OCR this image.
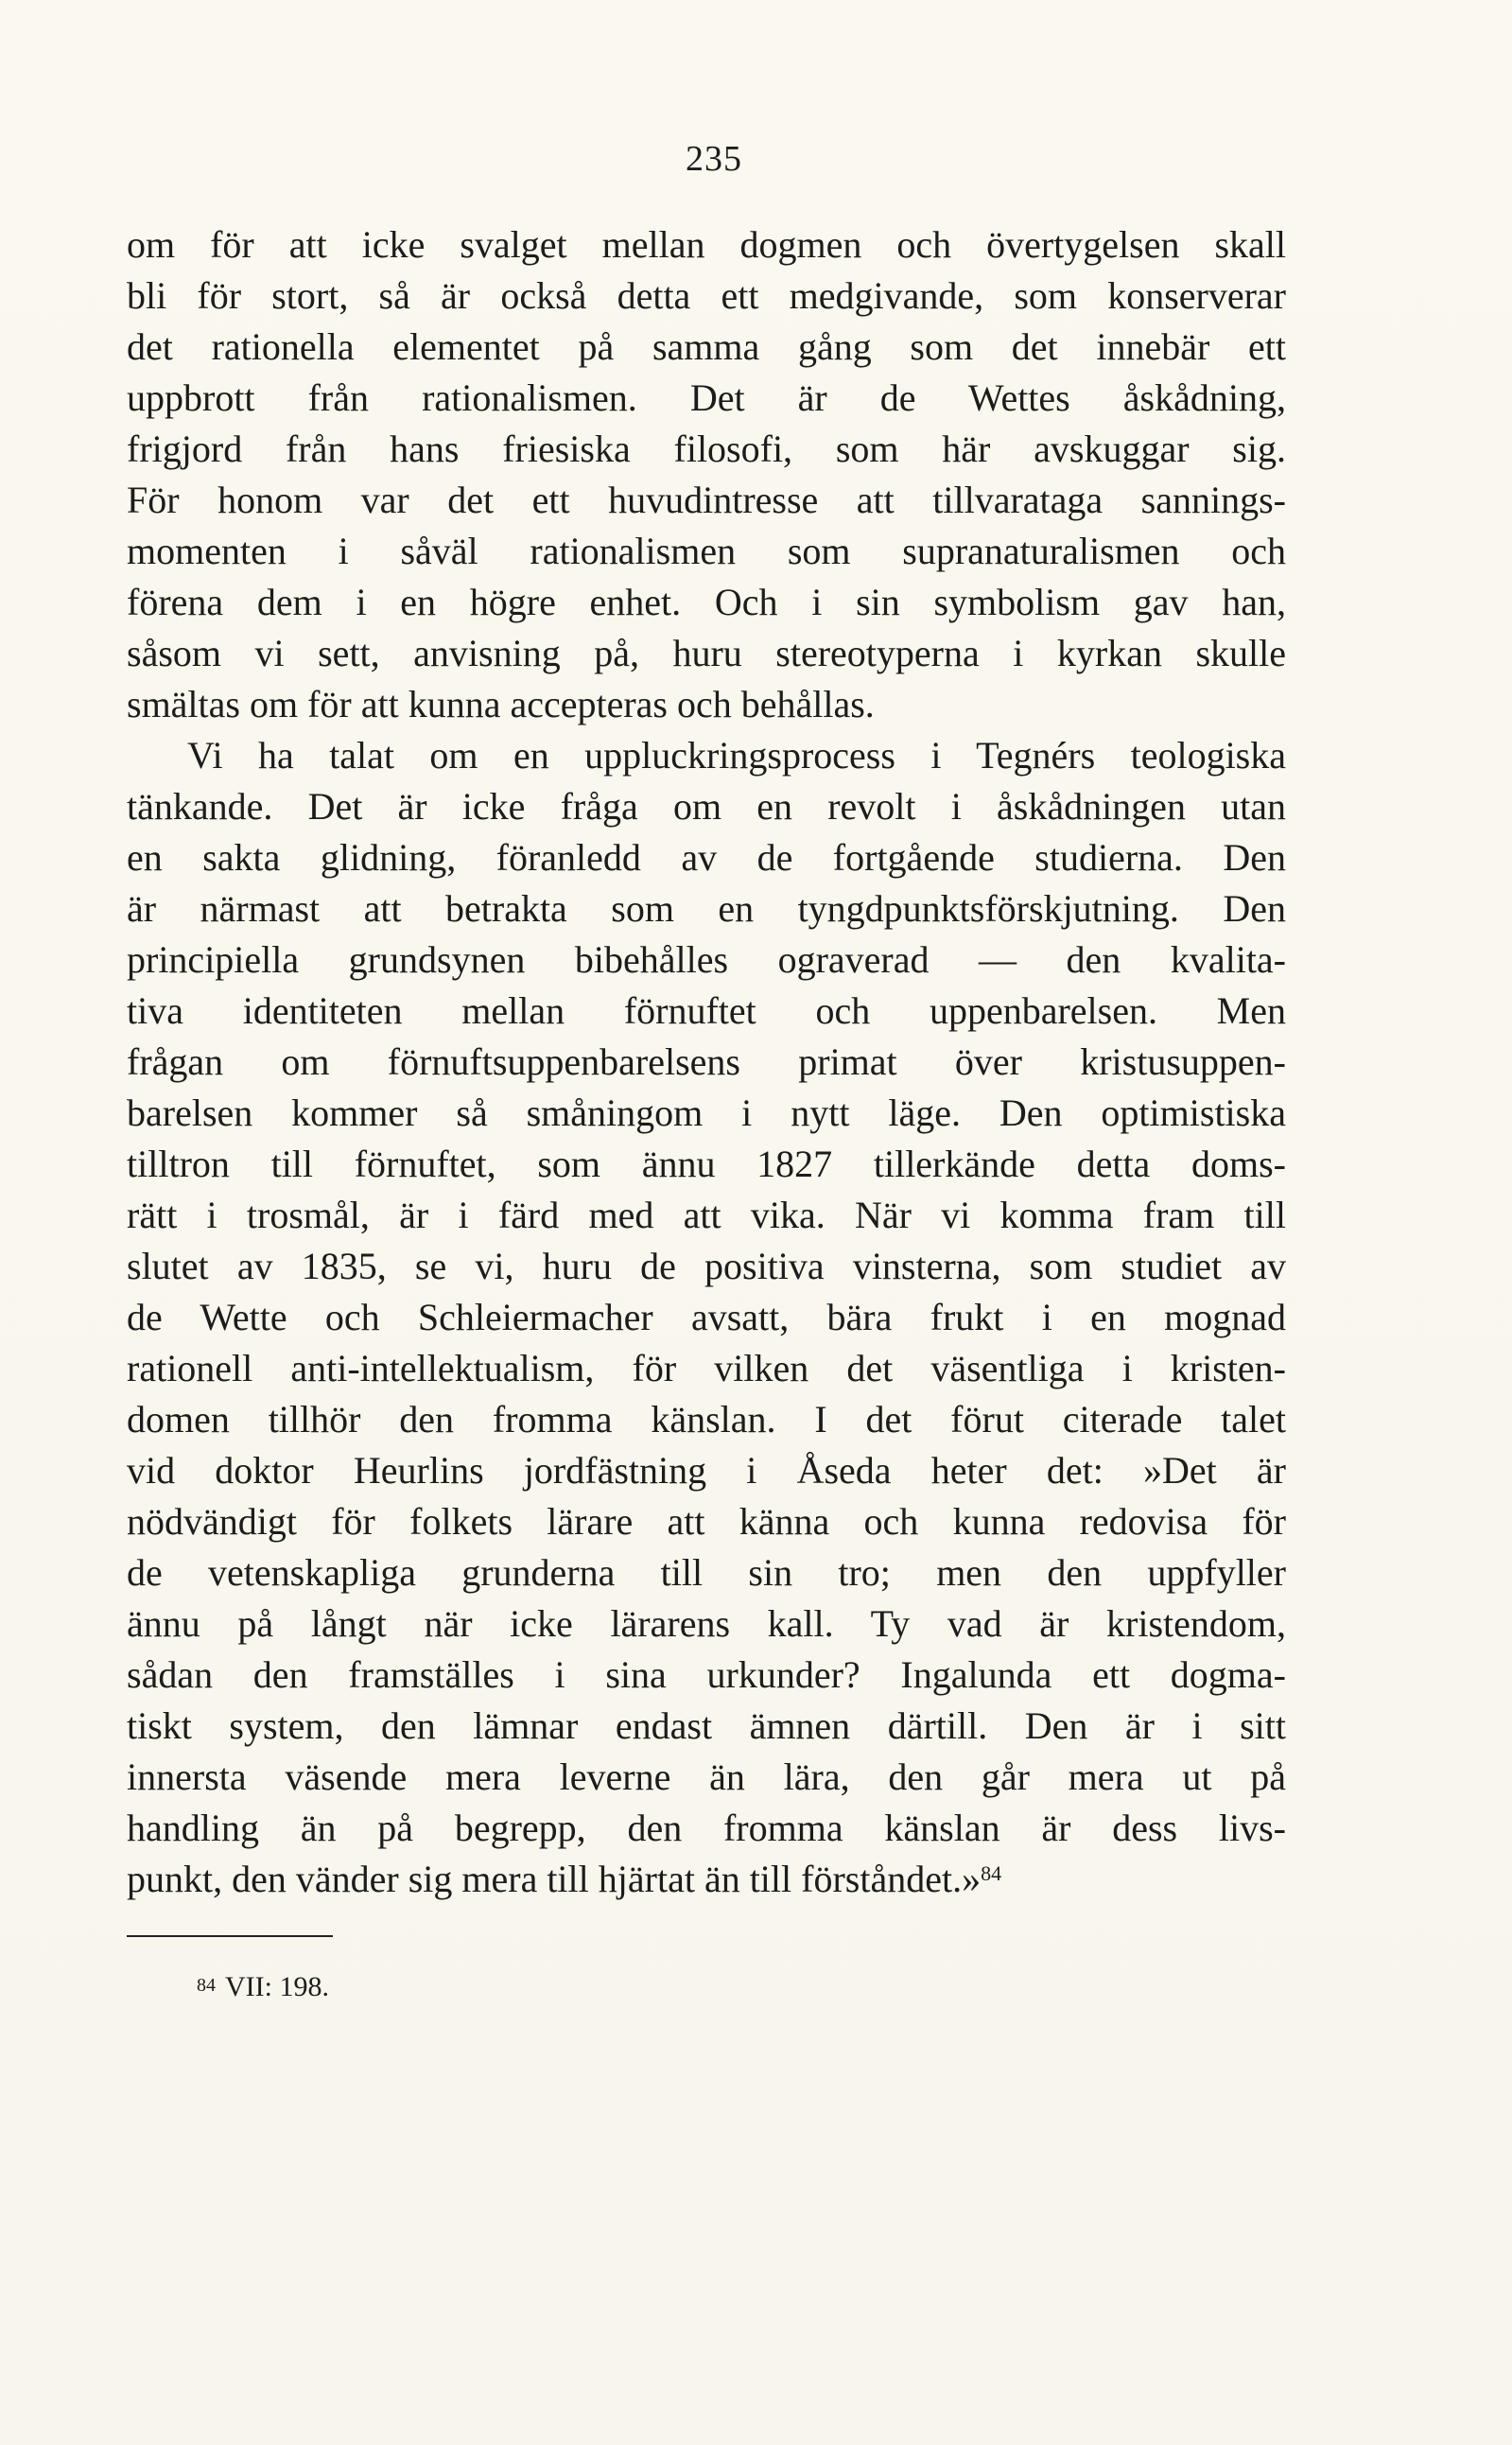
235
om för att icke svalget mellan dogmen och övertygelsen skall
bli för stort, så är också detta ett medgivande, som konserverar
det rationella elementet på samma gång som det innebär ett
uppbrott från rationalismen. Det är de Wettes åskådning,
frigjord från hans friesiska filosofi, som här avskuggar sig.
För honom var det ett huvudintresse att tillvaratаga sannings-
momenten i såväl rationalismen som supranaturalismen och
förena dem i en högre enhet. Och i sin symbolism gav han,
såsom vi sett, anvisning på, huru stereotyperna i kyrkan skulle
smältas om för att kunna accepteras och behållas.
Vi ha talat om en uppluckringsprocess i Tegnérs teologiska
tänkande. Det är icke fråga om en revolt i åskådningen utan
en sakta glidning, föranledd av de fortgående studierna. Den
är närmast att betrakta som en tyngdpunktsförskjutning. Den
principiella grundsynen bibehålles ograverad — den kvalita-
tiva identiteten mellan förnuftet och uppenbarelsen. Men
frågan om förnuftsuppenbarelsens primat över kristusuppen-
barelsen kommer så småningom i nytt läge. Den optimistiska
tilltron till förnuftet, som ännu 1827 tillerkände detta doms-
rätt i trosmål, är i färd med att vika. När vi komma fram till
slutet av 1835, se vi, huru de positiva vinsterna, som studiet av
de Wette och Schleiermacher avsatt, bära frukt i en mognad
rationell anti-intellektualism, för vilken det väsentliga i kristen-
domen tillhör den fromma känslan. I det förut citerade talet
vid doktor Heurlins jordfästning i Åseda heter det: »Det är
nödvändigt för folkets lärare att känna och kunna redovisa för
de vetenskapliga grunderna till sin tro; men den uppfyller
ännu på långt när icke lärarens kall. Ty vad är kristendom,
sådan den framställes i sina urkunder? Ingalunda ett dogma-
tiskt system, den lämnar endast ämnen därtill. Den är i sitt
innersta väsende mera leverne än lära, den går mera ut på
handling än på begrepp, den fromma känslan är dess livs-
punkt, den vänder sig mera till hjärtat än till förståndet.»$^{84}$
$^{84}$ VII: 198.
